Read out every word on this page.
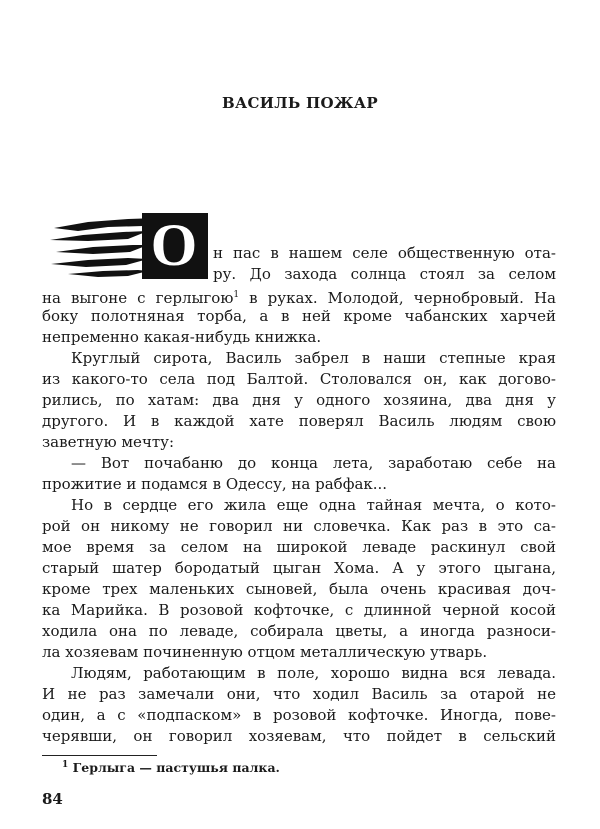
ВАСИЛЬ ПОЖАР
О	н пас в нашем селе общественную ота-
ру. До захода солнца стоял за селом
на выгоне с герлыгою$^1$ в руках. Молодой, чернобровый. На
боку полотняная торба, а в ней кроме чабанских харчей
непременно какая-нибудь книжка.
Круглый сирота, Василь забрел в наши степные края
из какого-то села под Балтой. Столовался он, как догово-
рились, по хатам: два дня у одного хозяина, два дня у
другого. И в каждой хате поверял Василь людям свою
заветную мечту:
— Вот почабаню до конца лета, заработаю себе на
прожитие и подамся в Одессу, на рабфак...
Но в сердце его жила еще одна тайная мечта, о кото-
рой он никому не говорил ни словечка. Как раз в это са-
мое время за селом на широкой леваде раскинул свой
старый шатер бородатый цыган Хома. А у этого цыгана,
кроме трех маленьких сыновей, была очень красивая доч-
ка Марийка. В розовой кофточке, с длинной черной косой
ходила она по леваде, собирала цветы, а иногда разноси-
ла хозяевам починенную отцом металлическую утварь.
Людям, работающим в поле, хорошо видна вся левада.
И не раз замечали они, что ходил Василь за отарой не
один, а с «подпаском» в розовой кофточке. Иногда, пове-
черявши, он говорил хозяевам, что пойдет в сельский
$^1$ Герлыга — пастушья палка.
84
